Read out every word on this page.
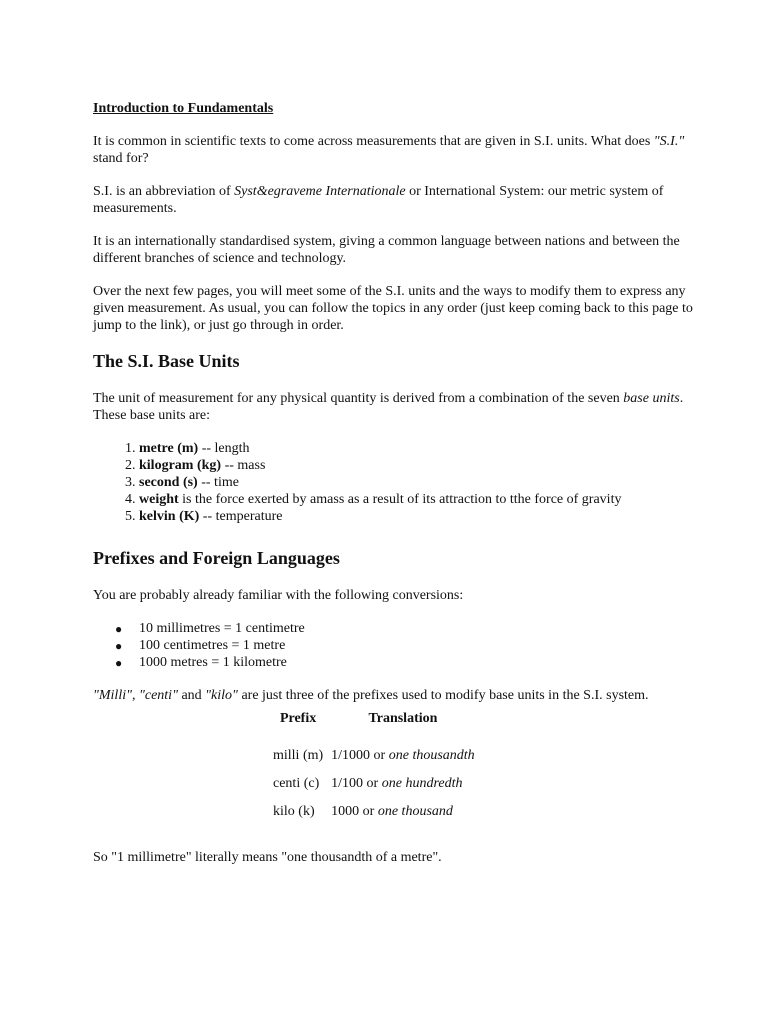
Introduction to Fundamentals

It is common in scientific texts to come across measurements that are given in S.I. units. What does "S.I." stand for?

S.I. is an abbreviation of Syst&egraveme Internationale or International System: our metric system of measurements.

It is an internationally standardised system, giving a common language between nations and between the different branches of science and technology.

Over the next few pages, you will meet some of the S.I. units and the ways to modify them to express any given measurement. As usual, you can follow the topics in any order (just keep coming back to this page to jump to the link), or just go through in order.

The S.I. Base Units

The unit of measurement for any physical quantity is derived from a combination of the seven base units. These base units are:

1. metre (m) -- length
2. kilogram (kg) -- mass
3. second (s) -- time
4. weight is the force exerted by amass as a result of its attraction to tthe force of gravity
5. kelvin (K) -- temperature
Prefixes and Foreign Languages

You are probably already familiar with the following conversions:

● 10 millimetres = 1 centimetre
● 100 centimetres = 1 metre
● 1000 metres = 1 kilometre

"Milli", "centi" and "kilo" are just three of the prefixes used to modify base units in the S.I. system.

Prefix	Translation
milli (m)	1/1000 or one thousandth
centi (c)	1/100 or one hundredth
kilo (k)	1000 or one thousand

So "1 millimetre" literally means "one thousandth of a metre".
